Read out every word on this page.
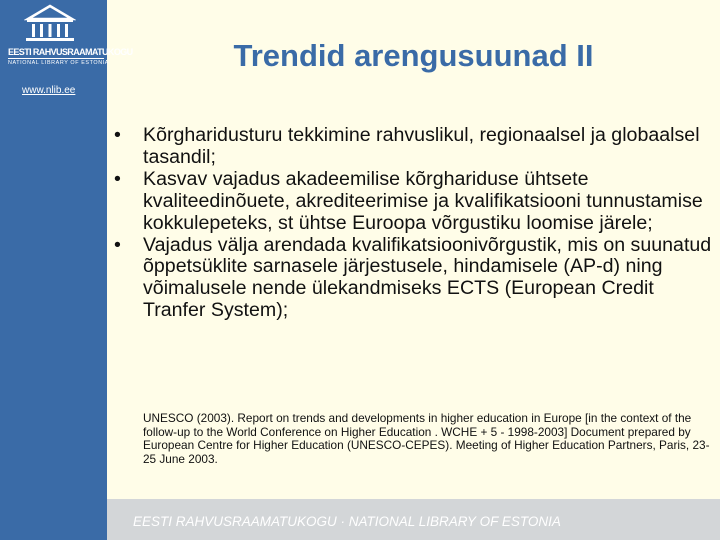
EESTI RAHVUSRAAMATUKOGU
NATIONAL LIBRARY OF ESTONIA
www.nlib.ee
Trendid arengusuunad II
• Kõrgharidusturu tekkimine rahvuslikul, regionaalsel ja globaalsel tasandil;
• Kasvav vajadus akadeemilise kõrghariduse ühtsete kvaliteedinõuete, akrediteerimise ja kvalifikatsiooni tunnustamise kokkulepeteks, st ühtse Euroopa võrgustiku loomise järele;
• Vajadus välja arendada kvalifikatsioonivõrgustik, mis on suunatud õppetsüklite sarnasele järjestusele, hindamisele (AP-d) ning võimalusele nende ülekandmiseks ECTS (European Credit Tranfer System);
UNESCO (2003). Report on trends and developments in higher education in Europe [in the context of the follow-up to the World Conference on Higher Education . WCHE + 5 - 1998-2003] Document prepared by European Centre for Higher Education (UNESCO-CEPES). Meeting of Higher Education Partners, Paris, 23-25 June 2003.
EESTI RAHVUSRAAMATUKOGU · NATIONAL LIBRARY OF ESTONIA
